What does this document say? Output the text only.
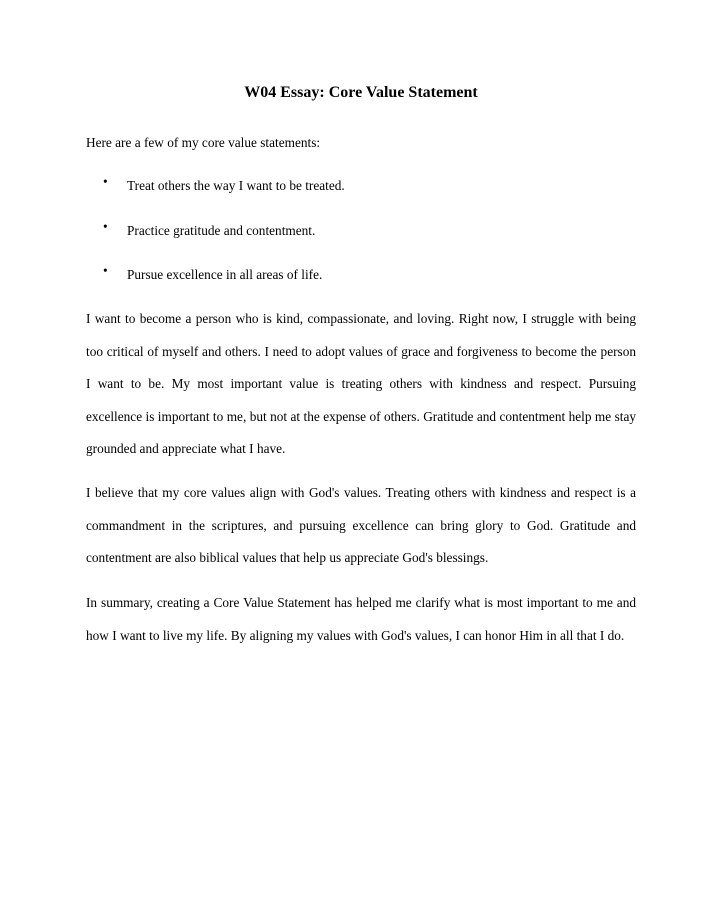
W04 Essay: Core Value Statement
Here are a few of my core value statements:
• Treat others the way I want to be treated.
• Practice gratitude and contentment.
• Pursue excellence in all areas of life.

I want to become a person who is kind, compassionate, and loving. Right now, I struggle with being too critical of myself and others. I need to adopt values of grace and forgiveness to become the person I want to be. My most important value is treating others with kindness and respect. Pursuing excellence is important to me, but not at the expense of others. Gratitude and contentment help me stay grounded and appreciate what I have.

I believe that my core values align with God's values. Treating others with kindness and respect is a commandment in the scriptures, and pursuing excellence can bring glory to God. Gratitude and contentment are also biblical values that help us appreciate God's blessings.

In summary, creating a Core Value Statement has helped me clarify what is most important to me and how I want to live my life. By aligning my values with God's values, I can honor Him in all that I do.
